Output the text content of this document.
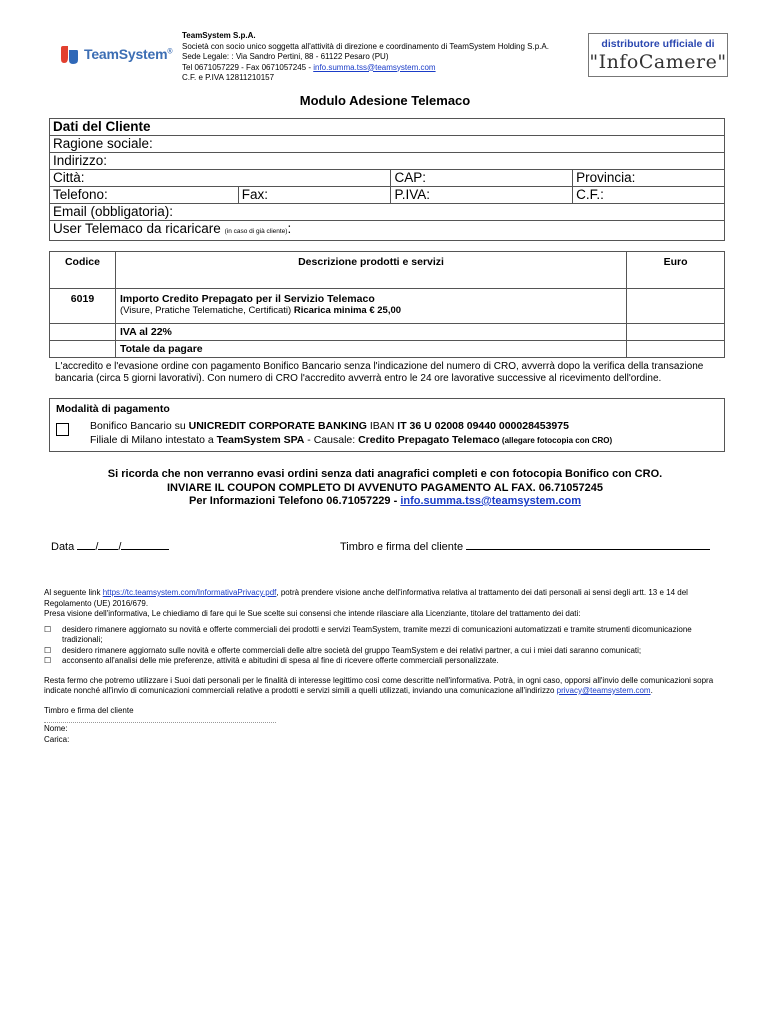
TeamSystem®
TeamSystem S.p.A.
Società con socio unico soggetta all'attività di direzione e coordinamento di TeamSystem Holding S.p.A.
Sede Legale: : Via Sandro Pertini, 88 - 61122 Pesaro (PU)
Tel 0671057229 - Fax 0671057245 - info.summa.tss@teamsystem.com
C.F. e P.IVA 12811210157
distributore ufficiale di
"InfoCamere"
Modulo Adesione Telemaco
Dati del Cliente			
Ragione sociale:			
Indirizzo:			
Città:		CAP:	Provincia:
Telefono:	Fax:	P.IVA:	C.F.:
Email (obbligatoria):			
User Telemaco da ricaricare (in caso di già cliente):			
Codice	Descrizione prodotti e servizi	Euro
6019	Importo Credito Prepagato per il Servizio Telemaco
(Visure, Pratiche Telematiche, Certificati) Ricarica minima € 25,00	

	IVA al 22%	
	Totale da pagare	
L'accredito e l'evasione ordine con pagamento Bonifico Bancario senza l'indicazione del numero di CRO, avverrà dopo la verifica della transazione bancaria (circa 5 giorni lavorativi). Con numero di CRO l'accredito avverrà entro le 24 ore lavorative successive al ricevimento dell'ordine.
Modalità di pagamento
Bonifico Bancario su UNICREDIT CORPORATE BANKING IBAN IT 36 U 02008 09440 000028453975
Filiale di Milano intestato a TeamSystem SPA - Causale: Credito Prepagato Telemaco (allegare fotocopia con CRO)
Si ricorda che non verranno evasi ordini senza dati anagrafici completi e con fotocopia Bonifico con CRO.
INVIARE IL COUPON COMPLETO DI AVVENUTO PAGAMENTO AL FAX. 06.71057245
Per Informazioni Telefono 06.71057229 - info.summa.tss@teamsystem.com
Data / /	Timbro e firma del cliente

Al seguente link https://tc.teamsystem.com/InformativaPrivacy.pdf, potrà prendere visione anche dell'informativa relativa al trattamento dei dati personali ai sensi degli artt. 13 e 14 del Regolamento (UE) 2016/679.

Presa visione dell'informativa, Le chiediamo di fare qui le Sue scelte sui consensi che intende rilasciare alla Licenziante, titolare del trattamento dei dati:

☐ desidero rimanere aggiornato su novità e offerte commerciali dei prodotti e servizi TeamSystem, tramite mezzi di comunicazioni automatizzati e tramite strumenti dicomunicazione tradizionali;
☐ desidero rimanere aggiornato sulle novità e offerte commerciali delle altre società del gruppo TeamSystem e dei relativi partner, a cui i miei dati saranno comunicati;
☐ acconsento all'analisi delle mie preferenze, attività e abitudini di spesa al fine di ricevere offerte commerciali personalizzate.

Resta fermo che potremo utilizzare i Suoi dati personali per le finalità di interesse legittimo così come descritte nell'informativa. Potrà, in ogni caso, opporsi all'invio delle comunicazioni sopra indicate nonché all'invio di comunicazioni commerciali relative a prodotti e servizi simili a quelli utilizzati, inviando una comunicazione all'indirizzo privacy@teamsystem.com.

Timbro e firma del cliente

Nome:

Carica:
